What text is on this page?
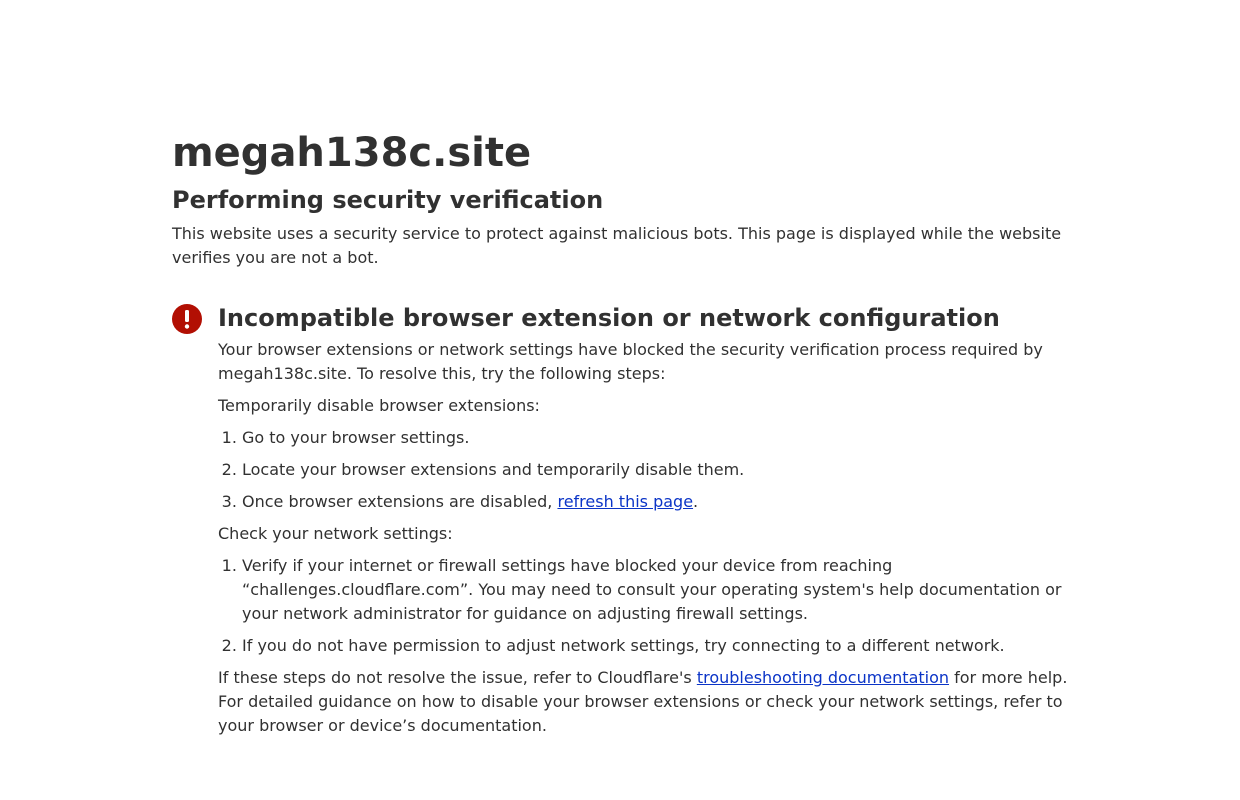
megah138c.site
Performing security verification

This website uses a security service to protect against malicious bots. This page is displayed while the website verifies you are not a bot.

Incompatible browser extension or network configuration

Your browser extensions or network settings have blocked the security verification process required by megah138c.site. To resolve this, try the following steps:

Temporarily disable browser extensions:

1. Go to your browser settings.
2. Locate your browser extensions and temporarily disable them.
3. Once browser extensions are disabled, refresh this page.

Check your network settings:

1. Verify if your internet or firewall settings have blocked your device from reaching “challenges.cloudflare.com”. You may need to consult your operating system's help documentation or your network administrator for guidance on adjusting firewall settings.
2. If you do not have permission to adjust network settings, try connecting to a different network.

If these steps do not resolve the issue, refer to Cloudflare's troubleshooting documentation for more help. For detailed guidance on how to disable your browser extensions or check your network settings, refer to your browser or device’s documentation.
